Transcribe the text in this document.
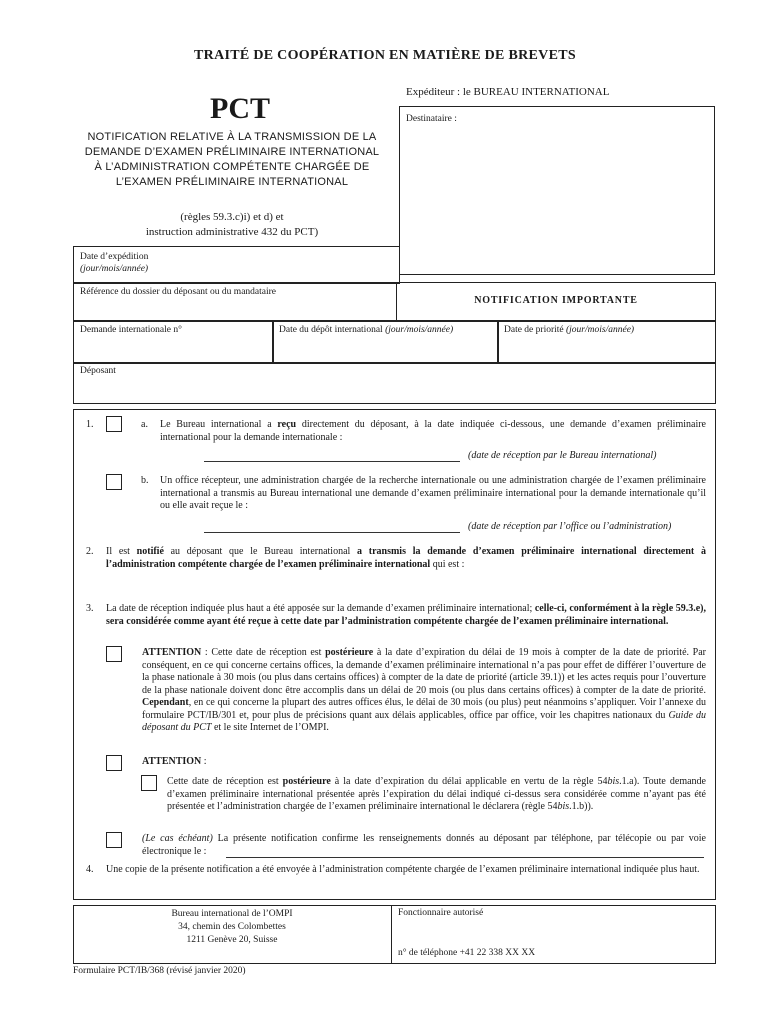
TRAITÉ DE COOPÉRATION EN MATIÈRE DE BREVETS
Expéditeur : le BUREAU INTERNATIONAL
PCT
NOTIFICATION RELATIVE À LA TRANSMISSION DE LA DEMANDE D’EXAMEN PRÉLIMINAIRE INTERNATIONAL À L’ADMINISTRATION COMPÉTENTE CHARGÉE DE L’EXAMEN PRÉLIMINAIRE INTERNATIONAL
(règles 59.3.c)i) et d) et
instruction administrative 432 du PCT)
Destinataire :
Date d’expédition
(jour/mois/année)
Référence du dossier du déposant ou du mandataire
NOTIFICATION IMPORTANTE
Demande internationale n°	Date du dépôt international (jour/mois/année)	Date de priorité (jour/mois/année)
Déposant
1.	a. Le Bureau international a reçu directement du déposant, à la date indiquée ci-dessous, une demande d’examen préliminaire international pour la demande internationale :
(date de réception par le Bureau international)
b. Un office récepteur, une administration chargée de la recherche internationale ou une administration chargée de l’examen préliminaire international a transmis au Bureau international une demande d’examen préliminaire international pour la demande internationale qu’il ou elle avait reçue le :
(date de réception par l’office ou l’administration)
2. Il est notifié au déposant que le Bureau international a transmis la demande d’examen préliminaire international directement à l’administration compétente chargée de l’examen préliminaire international qui est :
3. La date de réception indiquée plus haut a été apposée sur la demande d’examen préliminaire international; celle-ci, conformément à la règle 59.3.e), sera considérée comme ayant été reçue à cette date par l’administration compétente chargée de l’examen préliminaire international.
ATTENTION : Cette date de réception est postérieure à la date d’expiration du délai de 19 mois à compter de la date de priorité. Par conséquent, en ce qui concerne certains offices, la demande d’examen préliminaire international n’a pas pour effet de différer l’ouverture de la phase nationale à 30 mois (ou plus dans certains offices) à compter de la date de priorité (article 39.1)) et les actes requis pour l’ouverture de la phase nationale doivent donc être accomplis dans un délai de 20 mois (ou plus dans certains offices) à compter de la date de priorité. Cependant, en ce qui concerne la plupart des autres offices élus, le délai de 30 mois (ou plus) peut néanmoins s’appliquer. Voir l’annexe du formulaire PCT/IB/301 et, pour plus de précisions quant aux délais applicables, office par office, voir les chapitres nationaux du Guide du déposant du PCT et le site Internet de l’OMPI.
ATTENTION :
Cette date de réception est postérieure à la date d’expiration du délai applicable en vertu de la règle 54bis.1.a). Toute demande d’examen préliminaire international présentée après l’expiration du délai indiqué ci-dessus sera considérée comme n’ayant pas été présentée et l’administration chargée de l’examen préliminaire international le déclarera (règle 54bis.1.b)).
(Le cas échéant) La présente notification confirme les renseignements donnés au déposant par téléphone, par télécopie ou par voie électronique le :
4. Une copie de la présente notification a été envoyée à l’administration compétente chargée de l’examen préliminaire international indiquée plus haut.
Bureau international de l’OMPI
34, chemin des Colombettes
1211 Genève 20, Suisse
Fonctionnaire autorisé
n° de téléphone +41 22 338 XX XX
Formulaire PCT/IB/368 (révisé janvier 2020)
